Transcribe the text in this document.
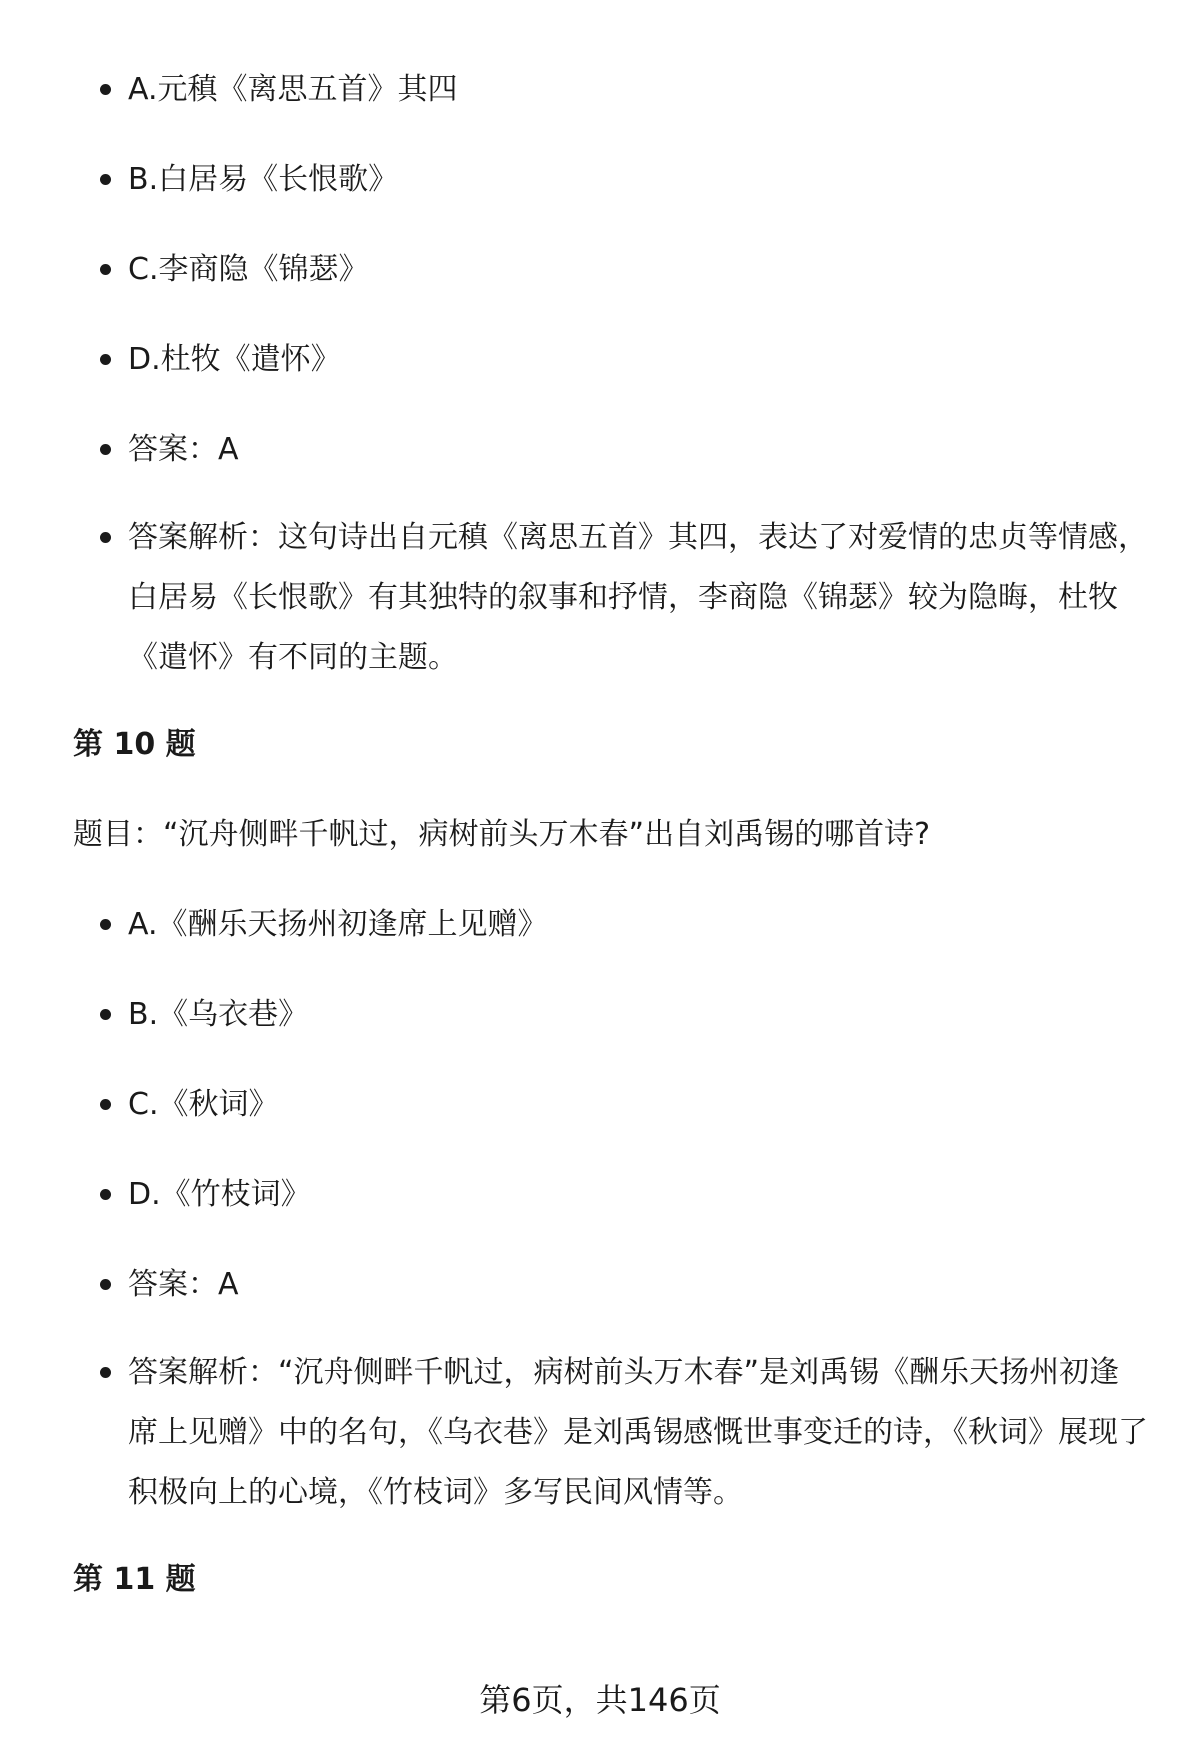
A.元稹《离思五首》其四
B.白居易《长恨歌》
C.李商隐《锦瑟》
D.杜牧《遣怀》
答案：A
答案解析：这句诗出自元稹《离思五首》其四，表达了对爱情的忠贞等情感，白居易《长恨歌》有其独特的叙事和抒情，李商隐《锦瑟》较为隐晦，杜牧《遣怀》有不同的主题。
第 10 题
题目：“沉舟侧畔千帆过，病树前头万木春”出自刘禹锡的哪首诗?
A.《酬乐天扬州初逢席上见赠》
B.《乌衣巷》
C.《秋词》
D.《竹枝词》
答案：A
答案解析：“沉舟侧畔千帆过，病树前头万木春”是刘禹锡《酬乐天扬州初逢席上见赠》中的名句，《乌衣巷》是刘禹锡感慨世事变迁的诗，《秋词》展现了积极向上的心境，《竹枝词》多写民间风情等。
第 11 题
第6页，共146页
